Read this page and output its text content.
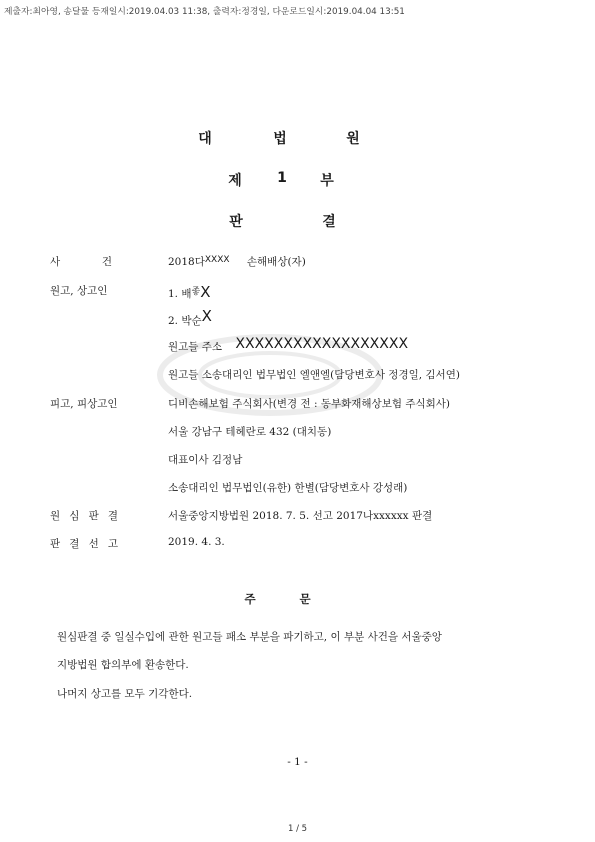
제출자:최아영, 송달물 등재일시:2019.04.03 11:38, 출력자:정경일, 다운로드일시:2019.04.04 13:51
대	법	원
제	1 부
판	결
사	건	2018다XXXX 손해배상(자)
원고, 상고인	1. 배좋X
2. 박순X
원고들 주소 XXXXXXXXXXXXXXXXXX
원고들 소송대리인 법무법인 엘앤엘(담당변호사 정경일, 김서연)
피고, 피상고인	디비손해보험 주식회사(변경 전 : 동부화재해상보험 주식회사)
서울 강남구 테헤란로 432 (대치동)
대표이사 김정남
소송대리인 법무법인(유한) 한별(담당변호사 강성래)
원 심 판 결	서울중앙지방법원 2018. 7. 5. 선고 2017나xxxxxx 판결
판 결 선 고	2019. 4. 3.
주	문
원심판결 중 일실수입에 관한 원고들 패소 부분을 파기하고, 이 부분 사건을 서울중앙
지방법원 합의부에 환송한다.
나머지 상고를 모두 기각한다.
- 1 -
1 / 5
